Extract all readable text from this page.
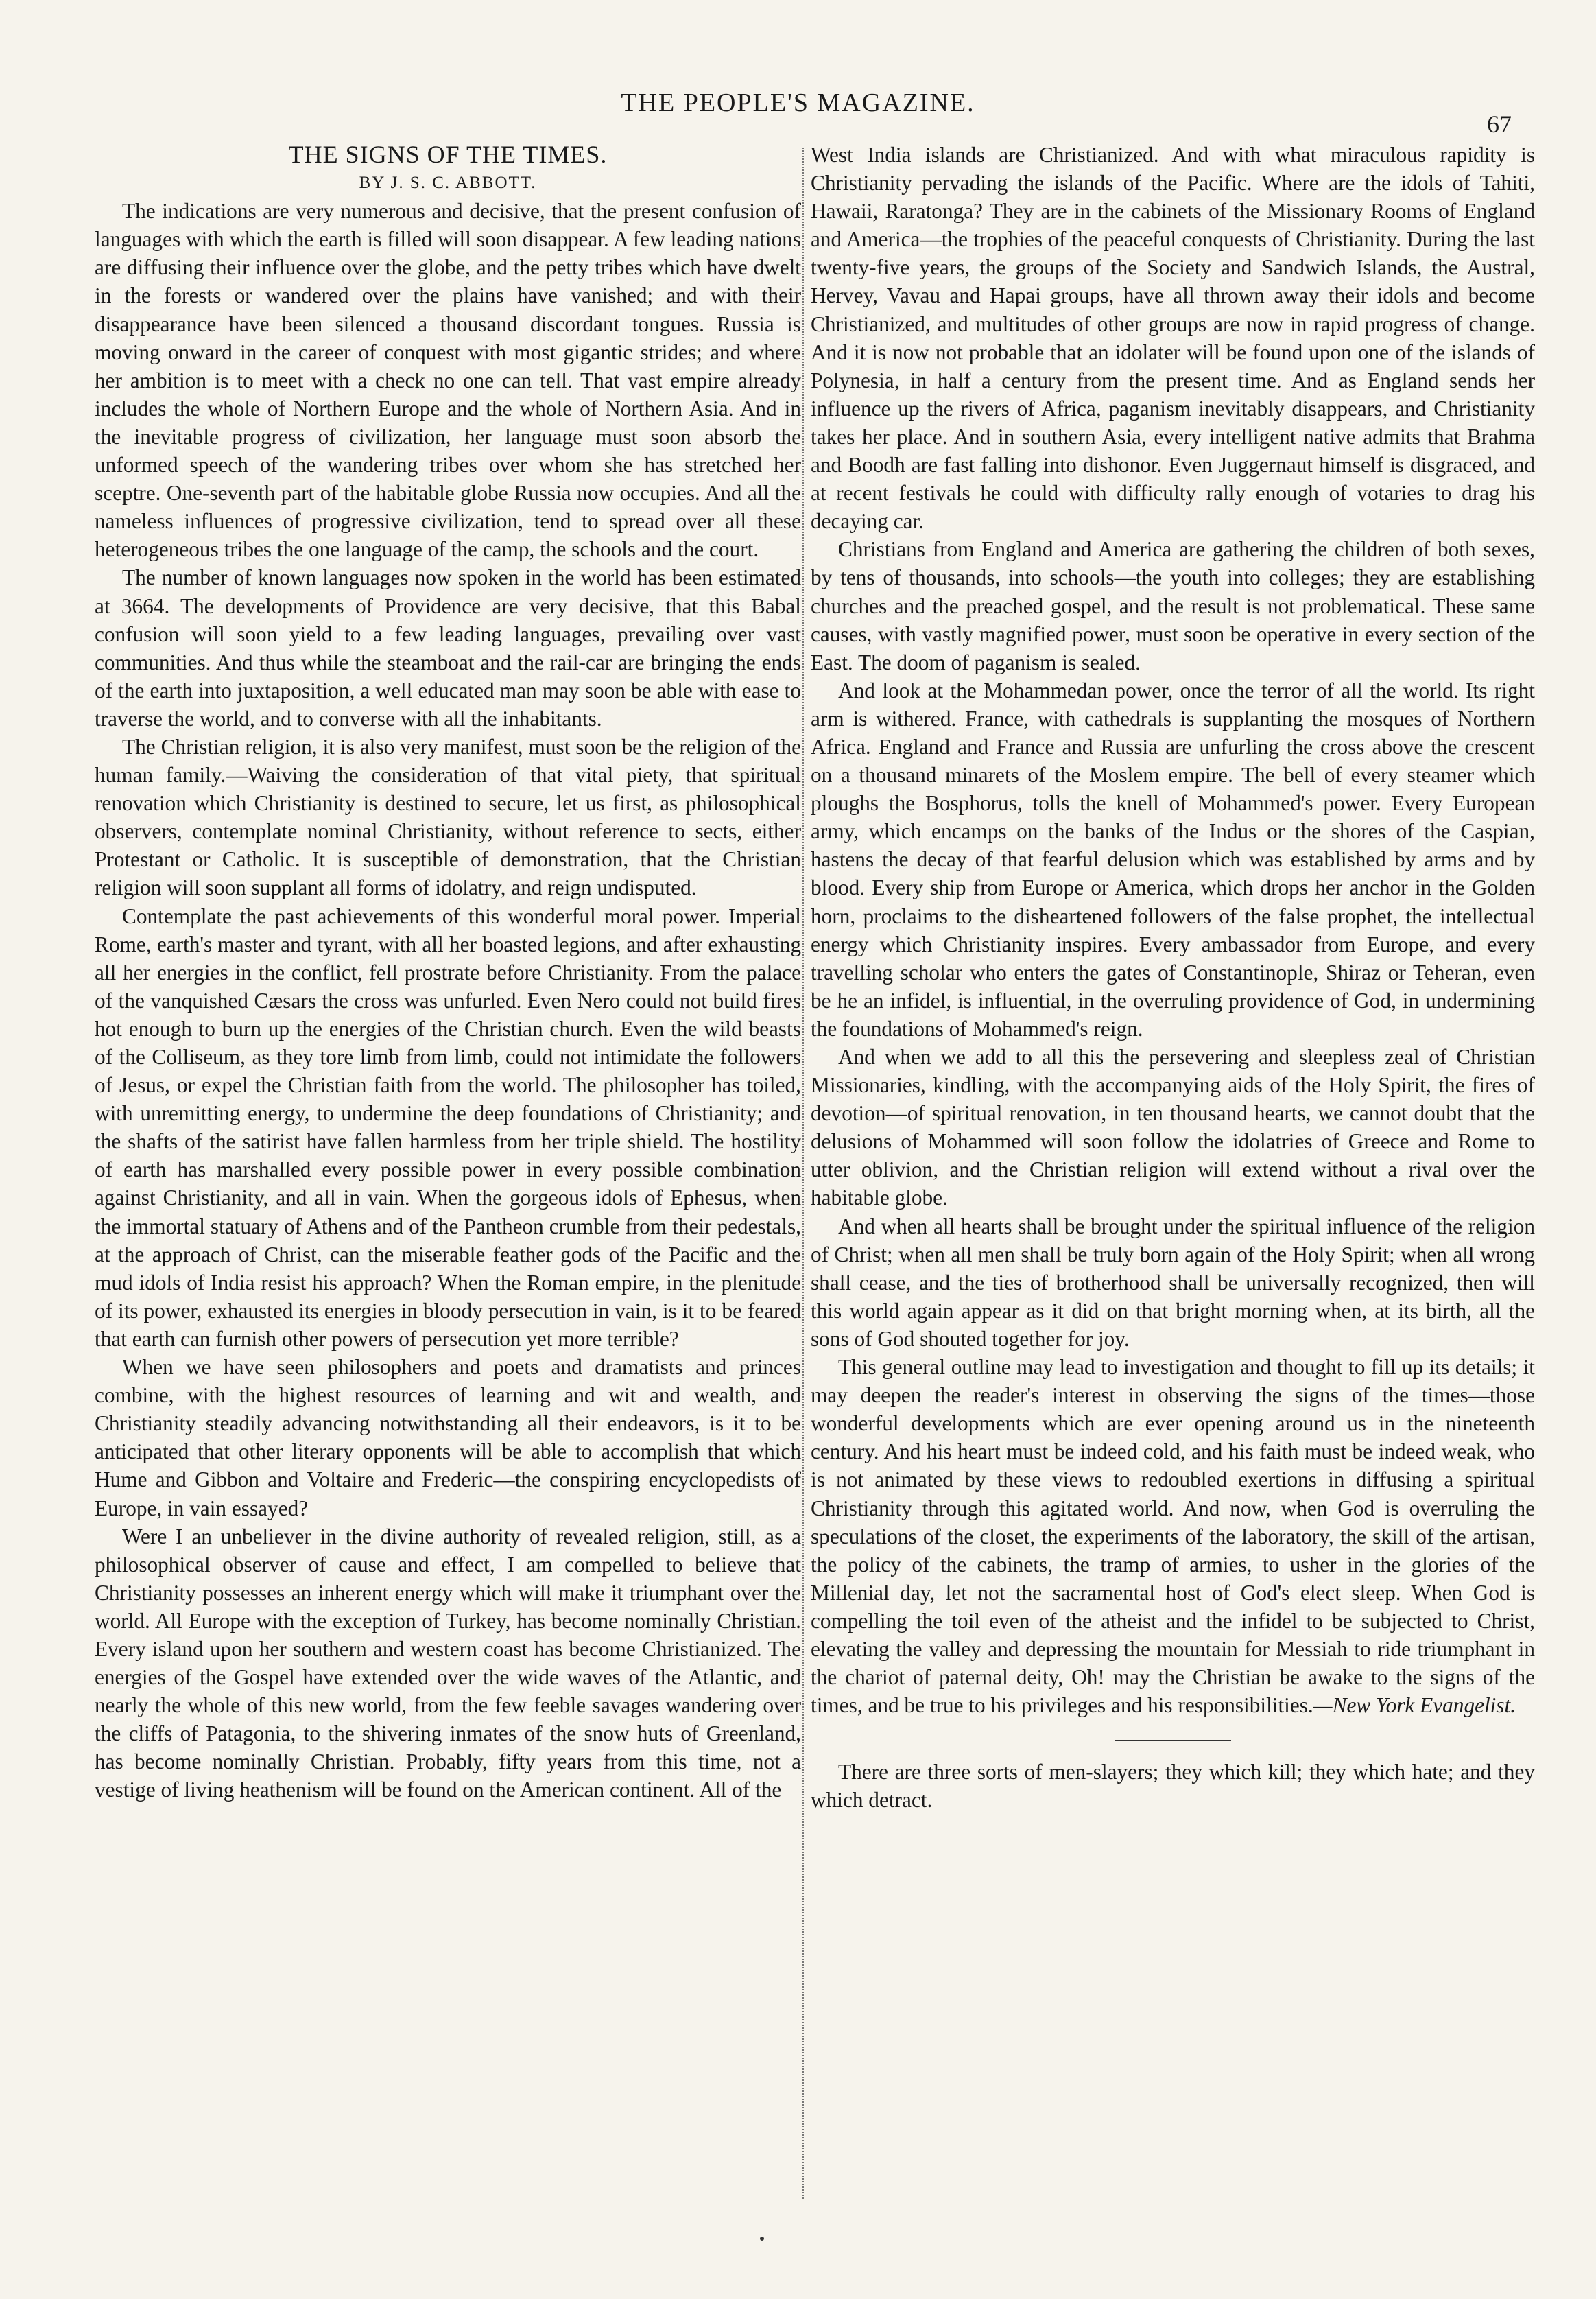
THE PEOPLE'S MAGAZINE.
67

THE SIGNS OF THE TIMES.

BY J. S. C. ABBOTT.

The indications are very numerous and decisive, that the present confusion of languages with which the earth is filled will soon disappear. A few leading nations are diffusing their influence over the globe, and the petty tribes which have dwelt in the forests or wandered over the plains have vanished; and with their disappearance have been silenced a thousand discordant tongues. Russia is moving onward in the career of conquest with most gigantic strides; and where her ambition is to meet with a check no one can tell. That vast empire already includes the whole of Northern Europe and the whole of Northern Asia. And in the inevitable progress of civilization, her language must soon absorb the unformed speech of the wandering tribes over whom she has stretched her sceptre. One-seventh part of the habitable globe Russia now occupies. And all the nameless influences of progressive civilization, tend to spread over all these heterogeneous tribes the one language of the camp, the schools and the court.

The number of known languages now spoken in the world has been estimated at 3664. The developments of Providence are very decisive, that this Babal confusion will soon yield to a few leading languages, prevailing over vast communities. And thus while the steamboat and the rail-car are bringing the ends of the earth into juxtaposition, a well educated man may soon be able with ease to traverse the world, and to converse with all the inhabitants.

The Christian religion, it is also very manifest, must soon be the religion of the human family.—Waiving the consideration of that vital piety, that spiritual renovation which Christianity is destined to secure, let us first, as philosophical observers, contemplate nominal Christianity, without reference to sects, either Protestant or Catholic. It is susceptible of demonstration, that the Christian religion will soon supplant all forms of idolatry, and reign undisputed.

Contemplate the past achievements of this wonderful moral power. Imperial Rome, earth's master and tyrant, with all her boasted legions, and after exhausting all her energies in the conflict, fell prostrate before Christianity. From the palace of the vanquished Cæsars the cross was unfurled. Even Nero could not build fires hot enough to burn up the energies of the Christian church. Even the wild beasts of the Colliseum, as they tore limb from limb, could not intimidate the followers of Jesus, or expel the Christian faith from the world. The philosopher has toiled, with unremitting energy, to undermine the deep foundations of Christianity; and the shafts of the satirist have fallen harmless from her triple shield. The hostility of earth has marshalled every possible power in every possible combination against Christianity, and all in vain. When the gorgeous idols of Ephesus, when the immortal statuary of Athens and of the Pantheon crumble from their pedestals, at the approach of Christ, can the miserable feather gods of the Pacific and the mud idols of India resist his approach? When the Roman empire, in the plenitude of its power, exhausted its energies in bloody persecution in vain, is it to be feared that earth can furnish other powers of persecution yet more terrible?

When we have seen philosophers and poets and dramatists and princes combine, with the highest resources of learning and wit and wealth, and Christianity steadily advancing notwithstanding all their endeavors, is it to be anticipated that other literary opponents will be able to accomplish that which Hume and Gibbon and Voltaire and Frederic—the conspiring encyclopedists of Europe, in vain essayed?

Were I an unbeliever in the divine authority of revealed religion, still, as a philosophical observer of cause and effect, I am compelled to believe that Christianity possesses an inherent energy which will make it triumphant over the world. All Europe with the exception of Turkey, has become nominally Christian. Every island upon her southern and western coast has become Christianized. The energies of the Gospel have extended over the wide waves of the Atlantic, and nearly the whole of this new world, from the few feeble savages wandering over the cliffs of Patagonia, to the shivering inmates of the snow huts of Greenland, has become nominally Christian. Probably, fifty years from this time, not a vestige of living heathenism will be found on the American continent. All of the

West India islands are Christianized. And with what miraculous rapidity is Christianity pervading the islands of the Pacific. Where are the idols of Tahiti, Hawaii, Raratonga? They are in the cabinets of the Missionary Rooms of England and America—the trophies of the peaceful conquests of Christianity. During the last twenty-five years, the groups of the Society and Sandwich Islands, the Austral, Hervey, Vavau and Hapai groups, have all thrown away their idols and become Christianized, and multitudes of other groups are now in rapid progress of change. And it is now not probable that an idolater will be found upon one of the islands of Polynesia, in half a century from the present time. And as England sends her influence up the rivers of Africa, paganism inevitably disappears, and Christianity takes her place. And in southern Asia, every intelligent native admits that Brahma and Boodh are fast falling into dishonor. Even Juggernaut himself is disgraced, and at recent festivals he could with difficulty rally enough of votaries to drag his decaying car.

Christians from England and America are gathering the children of both sexes, by tens of thousands, into schools—the youth into colleges; they are establishing churches and the preached gospel, and the result is not problematical. These same causes, with vastly magnified power, must soon be operative in every section of the East. The doom of paganism is sealed.

And look at the Mohammedan power, once the terror of all the world. Its right arm is withered. France, with cathedrals is supplanting the mosques of Northern Africa. England and France and Russia are unfurling the cross above the crescent on a thousand minarets of the Moslem empire. The bell of every steamer which ploughs the Bosphorus, tolls the knell of Mohammed's power. Every European army, which encamps on the banks of the Indus or the shores of the Caspian, hastens the decay of that fearful delusion which was established by arms and by blood. Every ship from Europe or America, which drops her anchor in the Golden horn, proclaims to the disheartened followers of the false prophet, the intellectual energy which Christianity inspires. Every ambassador from Europe, and every travelling scholar who enters the gates of Constantinople, Shiraz or Teheran, even be he an infidel, is influential, in the overruling providence of God, in undermining the foundations of Mohammed's reign.

And when we add to all this the persevering and sleepless zeal of Christian Missionaries, kindling, with the accompanying aids of the Holy Spirit, the fires of devotion—of spiritual renovation, in ten thousand hearts, we cannot doubt that the delusions of Mohammed will soon follow the idolatries of Greece and Rome to utter oblivion, and the Christian religion will extend without a rival over the habitable globe.

And when all hearts shall be brought under the spiritual influence of the religion of Christ; when all men shall be truly born again of the Holy Spirit; when all wrong shall cease, and the ties of brotherhood shall be universally recognized, then will this world again appear as it did on that bright morning when, at its birth, all the sons of God shouted together for joy.

This general outline may lead to investigation and thought to fill up its details; it may deepen the reader's interest in observing the signs of the times—those wonderful developments which are ever opening around us in the nineteenth century. And his heart must be indeed cold, and his faith must be indeed weak, who is not animated by these views to redoubled exertions in diffusing a spiritual Christianity through this agitated world. And now, when God is overruling the speculations of the closet, the experiments of the laboratory, the skill of the artisan, the policy of the cabinets, the tramp of armies, to usher in the glories of the Millenial day, let not the sacramental host of God's elect sleep. When God is compelling the toil even of the atheist and the infidel to be subjected to Christ, elevating the valley and depressing the mountain for Messiah to ride triumphant in the chariot of paternal deity, Oh! may the Christian be awake to the signs of the times, and be true to his privileges and his responsibilities.—New York Evangelist.

There are three sorts of men-slayers; they which kill; they which hate; and they which detract.
